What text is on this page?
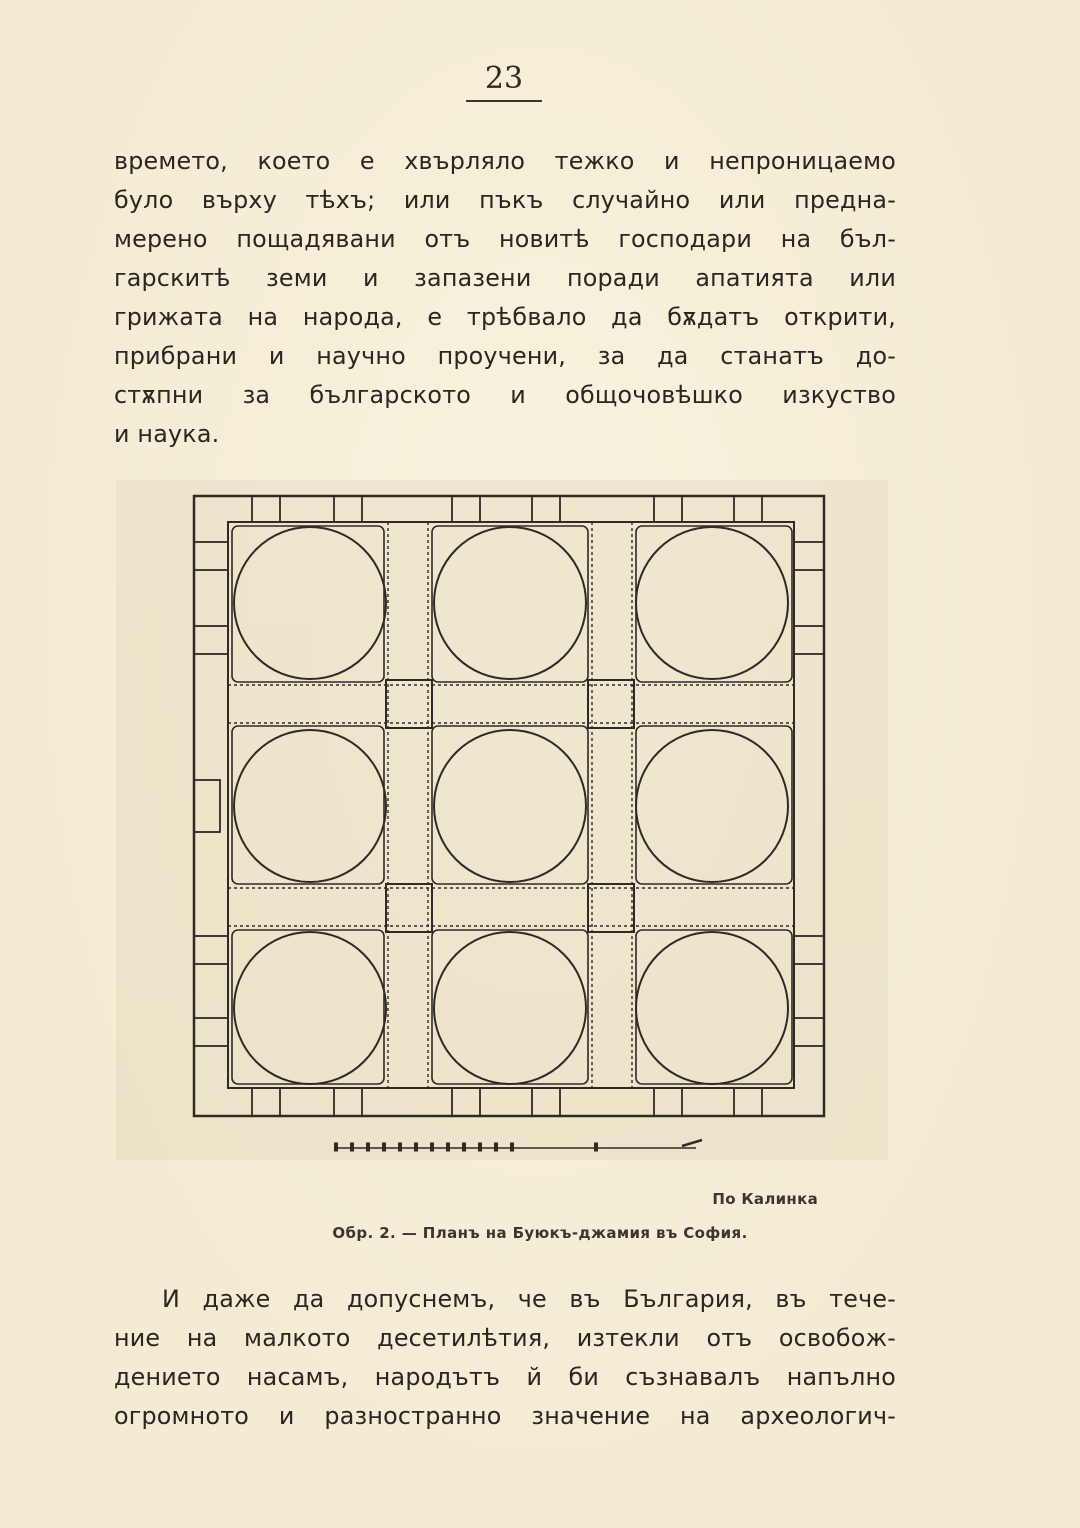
23
времето, което е хвърляло тежко и непроницаемо
було върху тѣхъ; или пъкъ случайно или предна-
мерено пощадявани отъ новитѣ господари на бъл-
гарскитѣ земи и запазени поради апатията или
грижата на народа, е трѣбвало да бѫдатъ открити,
прибрани и научно проучени, за да станатъ до-
стѫпни за българското и общочовѣшко изкуство
и наука.
По Калинка
Обр. 2. — Планъ на Буюкъ-джамия въ София.
И даже да допуснемъ, че въ България, въ тече-
ние на малкото десетилѣтия, изтекли отъ освобож-
дението насамъ, народътъ й би съзнавалъ напълно
огромното и разностранно значение на археологич-
